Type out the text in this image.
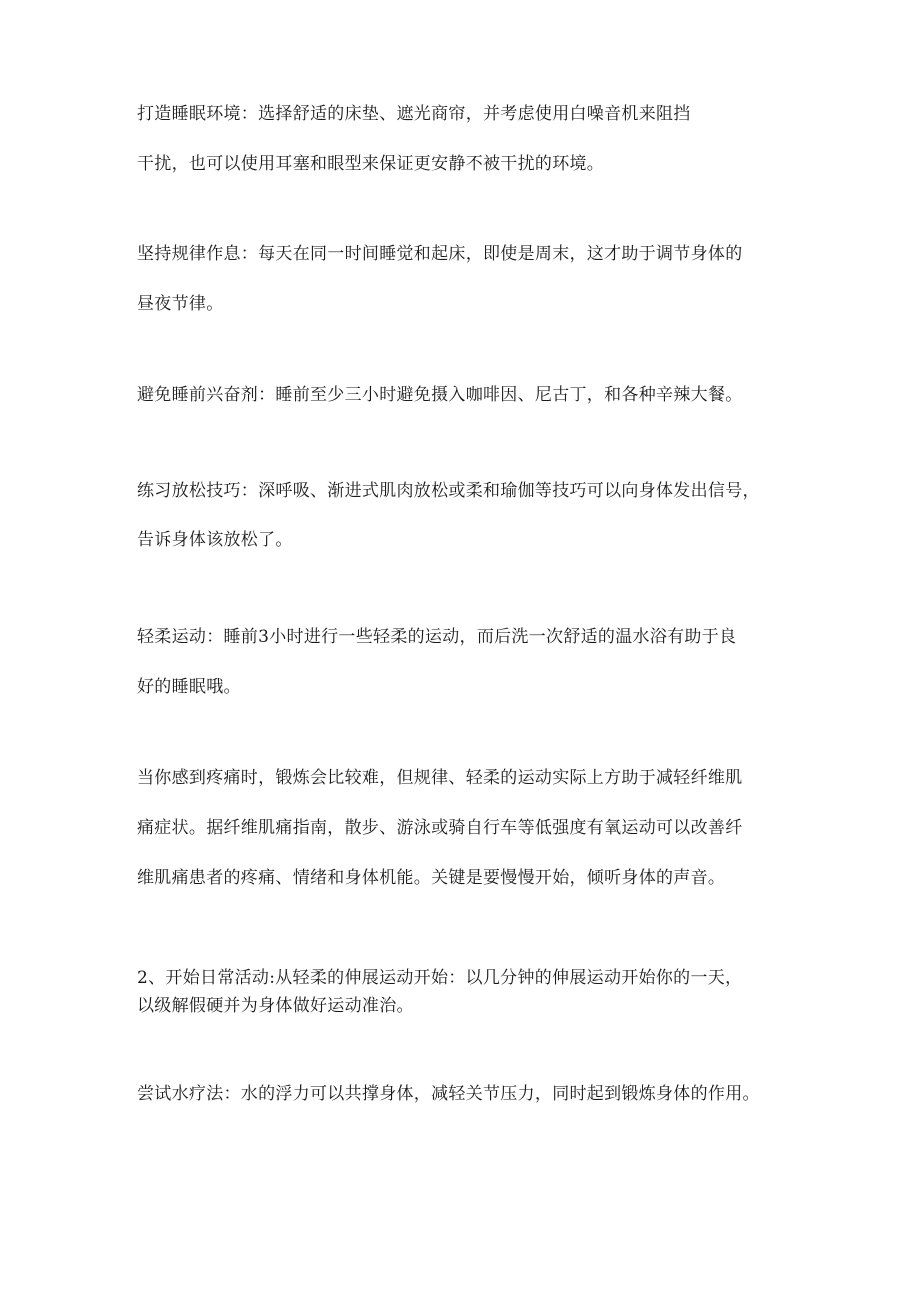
打造睡眠环境：选择舒适的床垫、遮光商帘，并考虑使用白噪音机来阻挡
干扰，也可以使用耳塞和眼型来保证更安静不被干扰的环境。
坚持规律作息：每天在同一时间睡觉和起床，即使是周末，这才助于调节身体的
昼夜节律。
避免睡前兴奋剂：睡前至少三小时避免摄入咖啡因、尼古丁，和各种辛辣大餐。
练习放松技巧：深呼吸、渐进式肌肉放松或柔和瑜伽等技巧可以向身体发出信号，
告诉身体该放松了。
轻柔运动：睡前3小时进行一些轻柔的运动，而后洗一次舒适的温水浴有助于良
好的睡眠哦。
当你感到疼痛时，锻炼会比较难，但规律、轻柔的运动实际上方助于减轻纤维肌
痛症状。据纤维肌痛指南，散步、游泳或骑自行车等低强度有氧运动可以改善纤
维肌痛患者的疼痛、情绪和身体机能。关键是要慢慢开始，倾听身体的声音。
2、开始日常活动:从轻柔的伸展运动开始：以几分钟的伸展运动开始你的一天，
以级解假硬并为身体做好运动准治。
尝试水疗法：水的浮力可以共撑身体，减轻关节压力，同时起到锻炼身体的作用。
